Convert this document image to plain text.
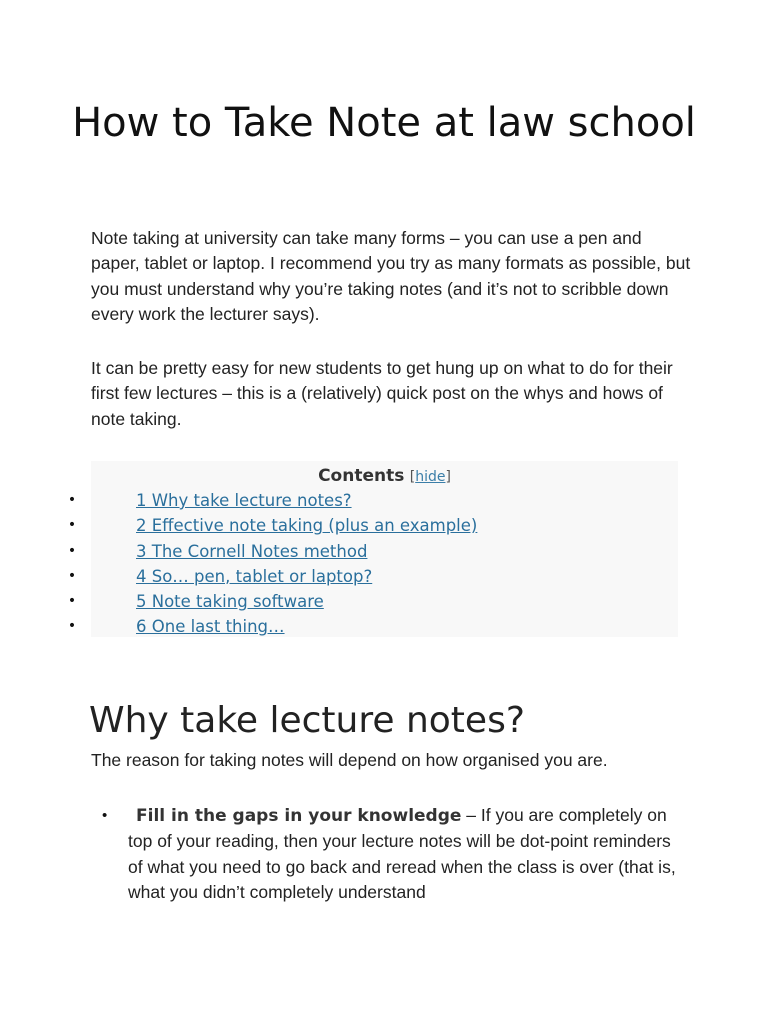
How to Take Note at law school

Note taking at university can take many forms – you can use a pen and paper, tablet or laptop. I recommend you try as many formats as possible, but you must understand why you’re taking notes (and it’s not to scribble down every work the lecturer says).

It can be pretty easy for new students to get hung up on what to do for their first few lectures – this is a (relatively) quick post on the whys and hows of note taking.

Contents [hide]
•	1 Why take lecture notes?
•	2 Effective note taking (plus an example)
•	3 The Cornell Notes method
•	4 So… pen, tablet or laptop?
•	5 Note taking software
•	6 One last thing…
Why take lecture notes?

The reason for taking notes will depend on how organised you are.

•	Fill in the gaps in your knowledge – If you are completely on top of your reading, then your lecture notes will be dot-point reminders of what you need to go back and reread when the class is over (that is, what you didn’t completely understand
